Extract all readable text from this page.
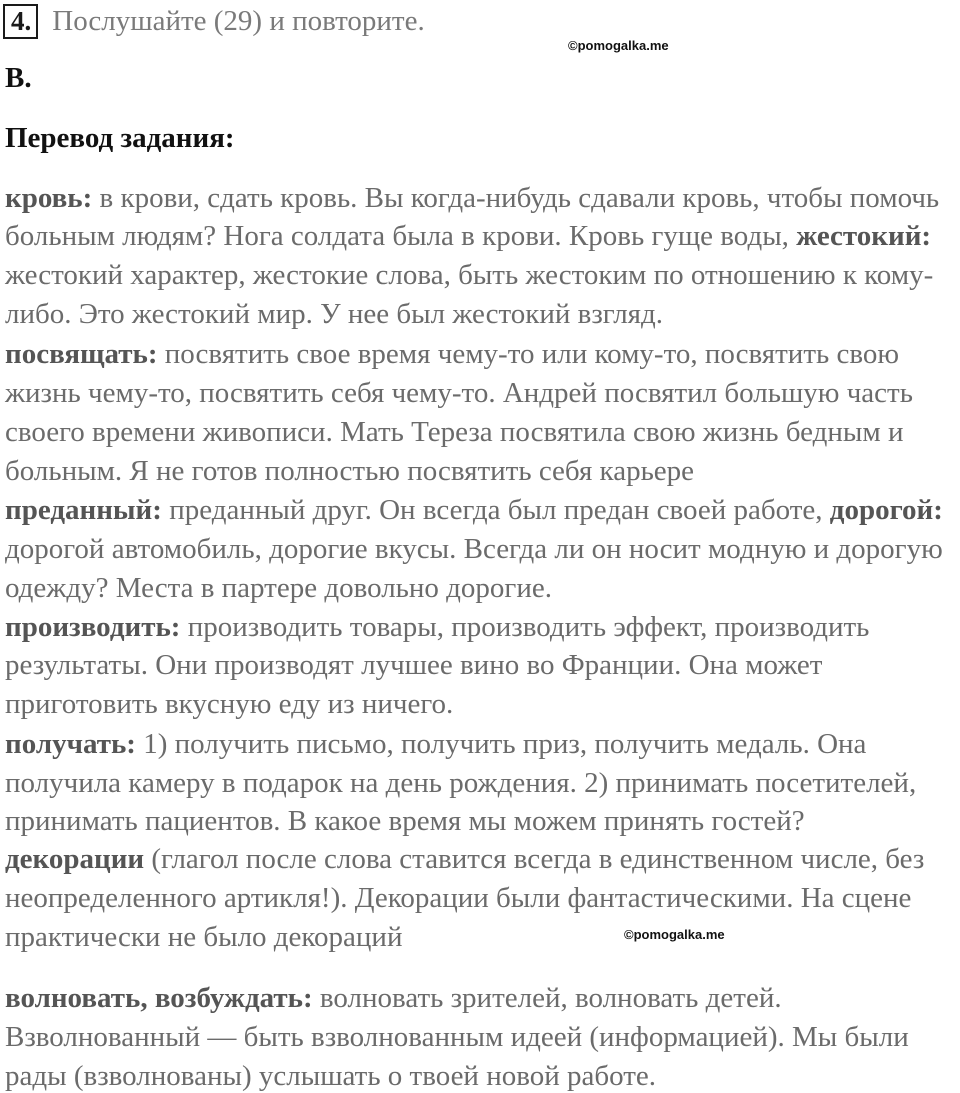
4. Послушайте (29) и повторите.
©pomogalka.me
B.
Перевод задания:
кровь: в крови, сдать кровь. Вы когда-нибудь сдавали кровь, чтобы помочь
больным людям? Нога солдата была в крови. Кровь гуще воды, жестокий:
жестокий характер, жестокие слова, быть жестоким по отношению к кому-
либо. Это жестокий мир. У нее был жестокий взгляд.
посвящать: посвятить свое время чему-то или кому-то, посвятить свою
жизнь чему-то, посвятить себя чему-то. Андрей посвятил большую часть
своего времени живописи. Мать Тереза посвятила свою жизнь бедным и
больным. Я не готов полностью посвятить себя карьере
преданный: преданный друг. Он всегда был предан своей работе, дорогой:
дорогой автомобиль, дорогие вкусы. Всегда ли он носит модную и дорогую
одежду? Места в партере довольно дорогие.
производить: производить товары, производить эффект, производить
результаты. Они производят лучшее вино во Франции. Она может
приготовить вкусную еду из ничего.
получать: 1) получить письмо, получить приз, получить медаль. Она
получила камеру в подарок на день рождения. 2) принимать посетителей,
принимать пациентов. В какое время мы можем принять гостей?
декорации (глагол после слова ставится всегда в единственном числе, без
неопределенного артикля!). Декорации были фантастическими. На сцене
практически не было декораций
волновать, возбуждать: волновать зрителей, волновать детей.
Взволнованный — быть взволнованным идеей (информацией). Мы были
рады (взволнованы) услышать о твоей новой работе.
©pomogalka.me
